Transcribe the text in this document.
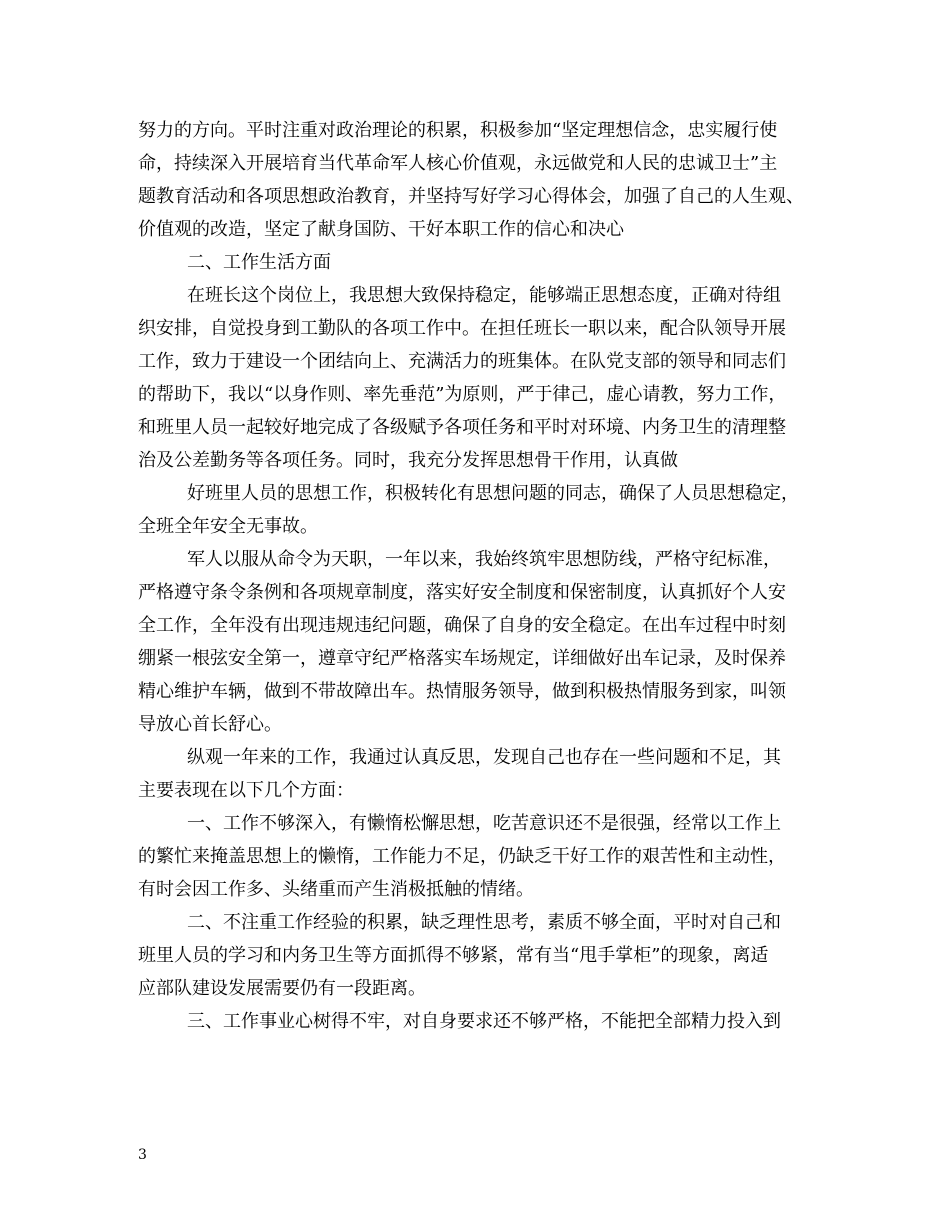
努力的方向。平时注重对政治理论的积累，积极参加“坚定理想信念，忠实履行使
命，持续深入开展培育当代革命军人核心价值观，永远做党和人民的忠诚卫士”主
题教育活动和各项思想政治教育，并坚持写好学习心得体会，加强了自己的人生观、
价值观的改造，坚定了献身国防、干好本职工作的信心和决心
二、工作生活方面
在班长这个岗位上，我思想大致保持稳定，能够端正思想态度，正确对待组
织安排，自觉投身到工勤队的各项工作中。在担任班长一职以来，配合队领导开展
工作，致力于建设一个团结向上、充满活力的班集体。在队党支部的领导和同志们
的帮助下，我以“以身作则、率先垂范”为原则，严于律己，虚心请教，努力工作，
和班里人员一起较好地完成了各级赋予各项任务和平时对环境、内务卫生的清理整
治及公差勤务等各项任务。同时，我充分发挥思想骨干作用，认真做
好班里人员的思想工作，积极转化有思想问题的同志，确保了人员思想稳定，
全班全年安全无事故。
军人以服从命令为天职，一年以来，我始终筑牢思想防线，严格守纪标准，
严格遵守条令条例和各项规章制度，落实好安全制度和保密制度，认真抓好个人安
全工作，全年没有出现违规违纪问题，确保了自身的安全稳定。在出车过程中时刻
绷紧一根弦安全第一，遵章守纪严格落实车场规定，详细做好出车记录，及时保养
精心维护车辆，做到不带故障出车。热情服务领导，做到积极热情服务到家，叫领
导放心首长舒心。
纵观一年来的工作，我通过认真反思，发现自己也存在一些问题和不足，其
主要表现在以下几个方面：
一、工作不够深入，有懒惰松懈思想，吃苦意识还不是很强，经常以工作上
的繁忙来掩盖思想上的懒惰，工作能力不足，仍缺乏干好工作的艰苦性和主动性，
有时会因工作多、头绪重而产生消极抵触的情绪。
二、不注重工作经验的积累，缺乏理性思考，素质不够全面，平时对自己和
班里人员的学习和内务卫生等方面抓得不够紧，常有当“甩手掌柜”的现象，离适
应部队建设发展需要仍有一段距离。
三、工作事业心树得不牢，对自身要求还不够严格，不能把全部精力投入到
3
